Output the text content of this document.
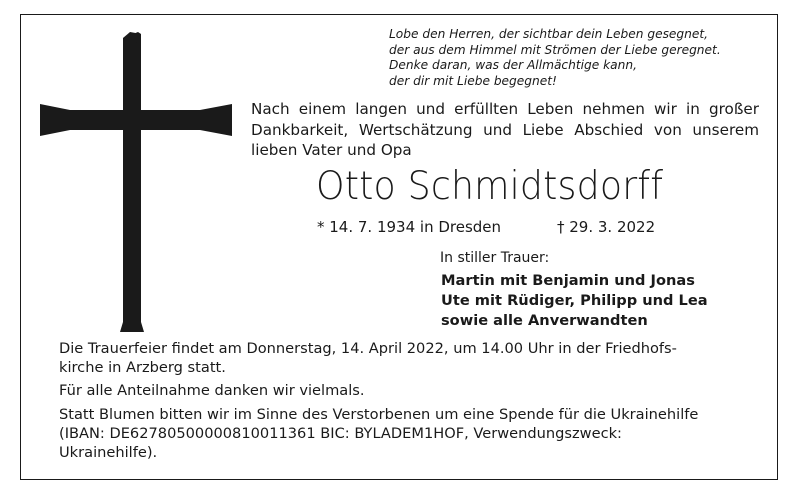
Lobe den Herren, der sichtbar dein Leben gesegnet,
der aus dem Himmel mit Strömen der Liebe geregnet.
Denke daran, was der Allmächtige kann,
der dir mit Liebe begegnet!
Nach einem langen und erfüllten Leben nehmen wir in großer
Dankbarkeit, Wertschätzung und Liebe Abschied von unserem
lieben Vater und Opa
Otto Schmidtsdorff
* 14. 7. 1934 in Dresden	† 29. 3. 2022
In stiller Trauer:
Martin mit Benjamin und Jonas
Ute mit Rüdiger, Philipp und Lea
sowie alle Anverwandten
Die Trauerfeier findet am Donnerstag, 14. April 2022, um 14.00 Uhr in der Friedhofs-
kirche in Arzberg statt.
Für alle Anteilnahme danken wir vielmals.
Statt Blumen bitten wir im Sinne des Verstorbenen um eine Spende für die Ukrainehilfe
(IBAN: DE62780500000810011361 BIC: BYLADEM1HOF, Verwendungszweck:
Ukrainehilfe).
